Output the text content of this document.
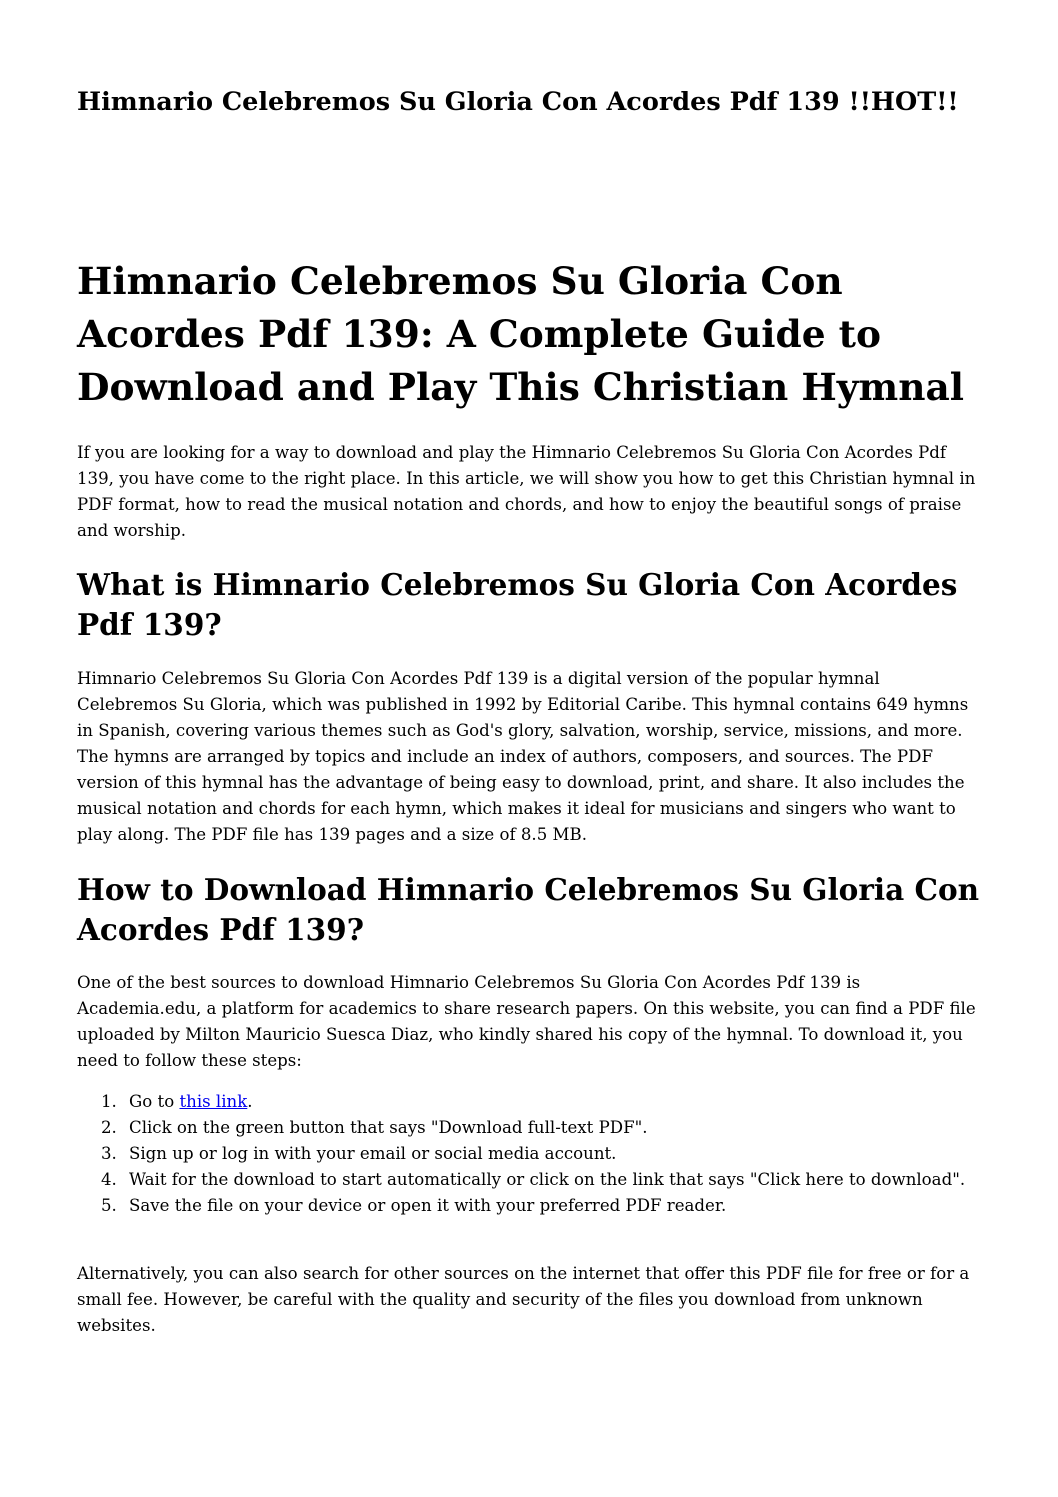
Himnario Celebremos Su Gloria Con Acordes Pdf 139 !!HOT!!
Himnario Celebremos Su Gloria Con Acordes Pdf 139: A Complete Guide to Download and Play This Christian Hymnal

If you are looking for a way to download and play the Himnario Celebremos Su Gloria Con Acordes Pdf 139, you have come to the right place. In this article, we will show you how to get this Christian hymnal in PDF format, how to read the musical notation and chords, and how to enjoy the beautiful songs of praise and worship.

What is Himnario Celebremos Su Gloria Con Acordes Pdf 139?

Himnario Celebremos Su Gloria Con Acordes Pdf 139 is a digital version of the popular hymnal Celebremos Su Gloria, which was published in 1992 by Editorial Caribe. This hymnal contains 649 hymns in Spanish, covering various themes such as God's glory, salvation, worship, service, missions, and more. The hymns are arranged by topics and include an index of authors, composers, and sources. The PDF version of this hymnal has the advantage of being easy to download, print, and share. It also includes the musical notation and chords for each hymn, which makes it ideal for musicians and singers who want to play along. The PDF file has 139 pages and a size of 8.5 MB.

How to Download Himnario Celebremos Su Gloria Con Acordes Pdf 139?

One of the best sources to download Himnario Celebremos Su Gloria Con Acordes Pdf 139 is Academia.edu, a platform for academics to share research papers. On this website, you can find a PDF file uploaded by Milton Mauricio Suesca Diaz, who kindly shared his copy of the hymnal. To download it, you need to follow these steps:

1. Go to this link.
2. Click on the green button that says "Download full-text PDF".
3. Sign up or log in with your email or social media account.
4. Wait for the download to start automatically or click on the link that says "Click here to download".
5. Save the file on your device or open it with your preferred PDF reader.

Alternatively, you can also search for other sources on the internet that offer this PDF file for free or for a small fee. However, be careful with the quality and security of the files you download from unknown websites.
